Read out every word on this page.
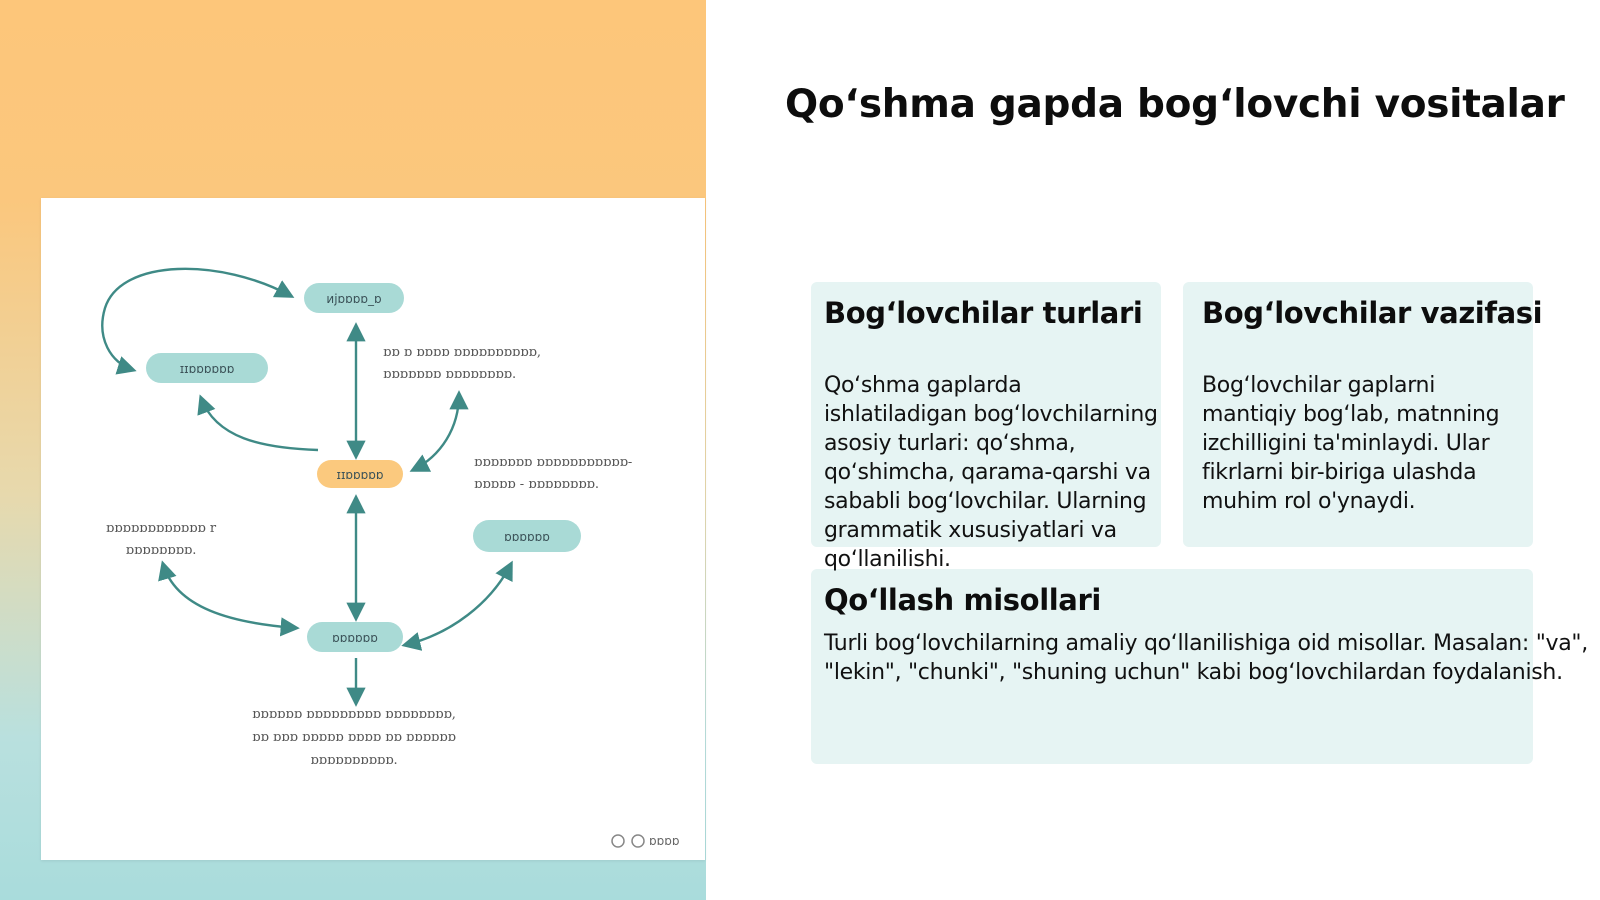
ᴎjɒɒɒɒ_ɒ
ɪɪɒɒɒɒɒɒ
ɪɪɒɒɒɒɒ
ɒɒɒɒɒɒ
ɒɒɒɒɒɒ
ɒɒ ɒ ɒɒɒɒ ɒɒɒɒɒɒɒɒɒɒ,
ɒɒɒɒɒɒɒ ɒɒɒɒɒɒɒɒ.
ɒɒɒɒɒɒɒ ɒɒɒɒɒɒɒɒɒɒɒ-
ɒɒɒɒɒ - ɒɒɒɒɒɒɒɒ.
ɒɒɒɒɒɒɒɒɒɒɒɒ r
ɒɒɒɒɒɒɒɒ.
ɒɒɒɒɒɒ ɒɒɒɒɒɒɒɒɒ ɒɒɒɒɒɒɒɒ,
ɒɒ ɒɒɒ ɒɒɒɒɒ ɒɒɒɒ ɒɒ ɒɒɒɒɒɒ
ɒɒɒɒɒɒɒɒɒɒ.
ɒɒɒɒ
Qo‘shma gapda bog‘lovchi vositalar
Bog‘lovchilar turlari
Qo‘shma gaplarda ishlatiladigan bog‘lovchilarning asosiy turlari: qo‘shma, qo‘shimcha, qarama-qarshi va sababli bog‘lovchilar. Ularning grammatik xususiyatlari va qo‘llanilishi.
Bog‘lovchilar vazifasi
Bog‘lovchilar gaplarni mantiqiy bog‘lab, matnning izchilligini ta'minlaydi. Ular fikrlarni bir-biriga ulashda muhim rol o'ynaydi.
Qo‘llash misollari
Turli bog‘lovchilarning amaliy qo‘llanilishiga oid misollar. Masalan: "va", "lekin", "chunki", "shuning uchun" kabi bog‘lovchilardan foydalanish.
